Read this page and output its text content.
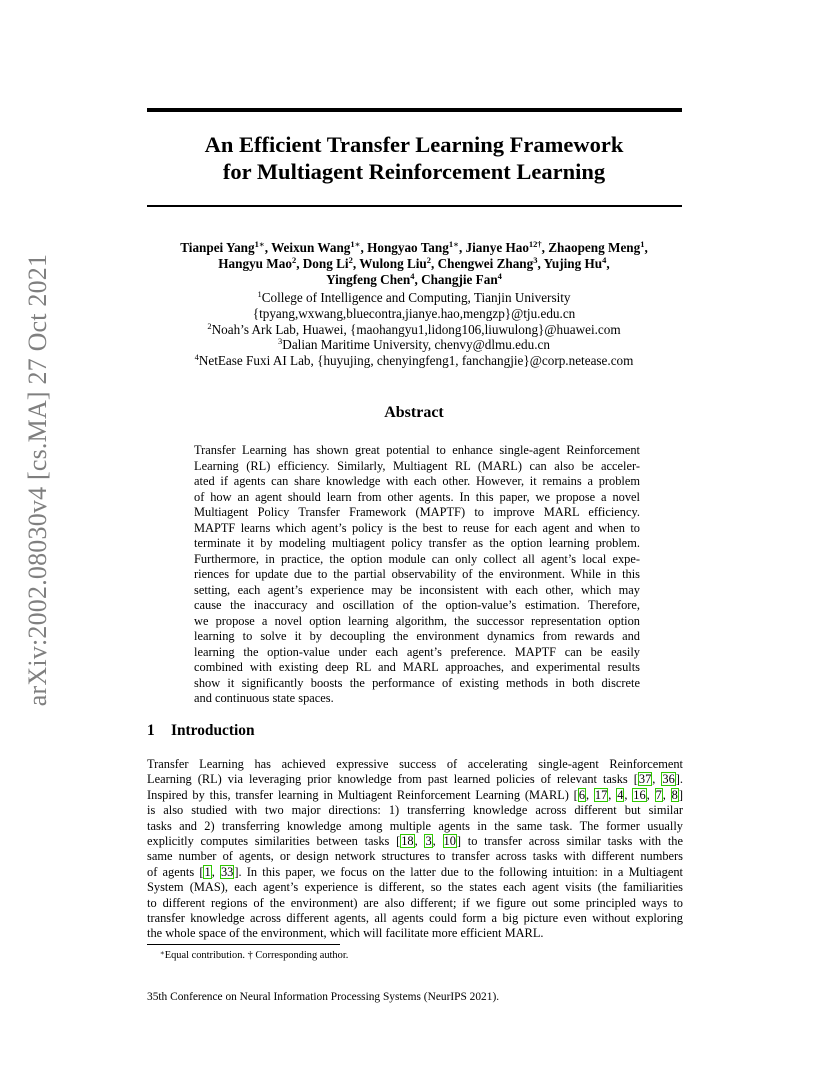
arXiv:2002.08030v4 [cs.MA] 27 Oct 2021
An Efficient Transfer Learning Framework
for Multiagent Reinforcement Learning
Tianpei Yang$^{1∗}$, Weixun Wang$^{1∗}$, Hongyao Tang$^{1∗}$, Jianye Hao$^{12\dagger}$, Zhaopeng Meng$^1$,
Hangyu Mao$^2$, Dong Li$^2$, Wulong Liu$^2$, Chengwei Zhang$^3$, Yujing Hu$^4$,
Yingfeng Chen$^4$, Changjie Fan$^4$
$^1$College of Intelligence and Computing, Tianjin University
{tpyang,wxwang,bluecontra,jianye.hao,mengzp}@tju.edu.cn
$^2$Noah’s Ark Lab, Huawei, {maohangyu1,lidong106,liuwulong}@huawei.com
$^3$Dalian Maritime University, chenvy@dlmu.edu.cn
$^4$NetEase Fuxi AI Lab, {huyujing, chenyingfeng1, fanchangjie}@corp.netease.com
Abstract
Transfer Learning has shown great potential to enhance single-agent Reinforcement
Learning (RL) efficiency. Similarly, Multiagent RL (MARL) can also be acceler-
ated if agents can share knowledge with each other. However, it remains a problem
of how an agent should learn from other agents. In this paper, we propose a novel
Multiagent Policy Transfer Framework (MAPTF) to improve MARL efficiency.
MAPTF learns which agent’s policy is the best to reuse for each agent and when to
terminate it by modeling multiagent policy transfer as the option learning problem.
Furthermore, in practice, the option module can only collect all agent’s local expe-
riences for update due to the partial observability of the environment. While in this
setting, each agent’s experience may be inconsistent with each other, which may
cause the inaccuracy and oscillation of the option-value’s estimation. Therefore,
we propose a novel option learning algorithm, the successor representation option
learning to solve it by decoupling the environment dynamics from rewards and
learning the option-value under each agent’s preference. MAPTF can be easily
combined with existing deep RL and MARL approaches, and experimental results
show it significantly boosts the performance of existing methods in both discrete
and continuous state spaces.
1 Introduction
Transfer Learning has achieved expressive success of accelerating single-agent Reinforcement
Learning (RL) via leveraging prior knowledge from past learned policies of relevant tasks [37, 36].
Inspired by this, transfer learning in Multiagent Reinforcement Learning (MARL) [6, 17, 4, 16, 7, 8]
is also studied with two major directions: 1) transferring knowledge across different but similar
tasks and 2) transferring knowledge among multiple agents in the same task. The former usually
explicitly computes similarities between tasks [18, 3, 10] to transfer across similar tasks with the
same number of agents, or design network structures to transfer across tasks with different numbers
of agents [1, 33]. In this paper, we focus on the latter due to the following intuition: in a Multiagent
System (MAS), each agent’s experience is different, so the states each agent visits (the familiarities
to different regions of the environment) are also different; if we figure out some principled ways to
transfer knowledge across different agents, all agents could form a big picture even without exploring
the whole space of the environment, which will facilitate more efficient MARL.
∗Equal contribution. † Corresponding author.
35th Conference on Neural Information Processing Systems (NeurIPS 2021).
